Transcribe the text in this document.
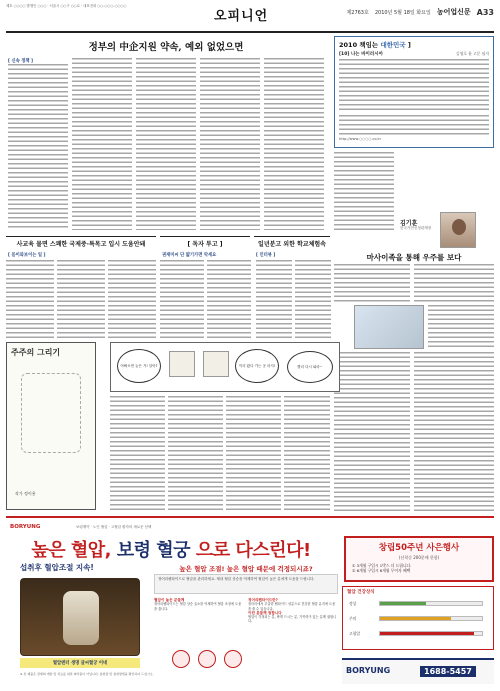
제호 ○○○○ 발행인 ○○○ · 서울시 ○○구 ○○로 · 대표전화 ○○-○○○-○○○○
오피니언	제2763호 2010년 5월 18일 화요일 농어업신문 A33
정부의 中企지원 약속, 예외 없었으면
[ 신속 정책 ]
2010 책임는 대한민국 ]
[10] 나는 바이러시아	김영호 윤 고문 필자
http://www.○○○○.co.kr
김기훈
한국가전신청관계장
마사이족을 통해 우주를 보다
사교육 물면 스쾌한 국제중·특목고 입시 도움안돼	[ 독자 투고 ]	일년분고 외한 학교체험속
[ 돋이와보이는 일 ]	권재미씨 단 얇기가면 악세요	[ 인터뷰 ]
주주의 그리기
작가 정이용
아빠오면 늦은 거! 알아?	이리 왔다 가는 곳 마지!	빨리 다시 와라~
BORYUNG	보령제약 · 노인 혈압 · 고혈압 환자의 새로운 선택
높은 혈압, 보령 혈궁 으로 다스린다!	창립50주년 사은행사
(선착순 200분에 한함)
① 3개월 구입시 1박스 더 드립니다.
② 6개월 구입시 6개월 무이자 혜택
섭취후 혈압조절 지속!
혈압덴터 생명 글씨혈궁 이네
높은 혈압 조절! 높은 혈압 때문에 걱정되시죠?
정어리펩타이드로 혈압을 관리하세요. 체내 혈압 상승을 억제하여 혈압이 높은 분에게 도움을 드립니다.
혈압이 높은 분들께
정어리펩타이드는 혈압 상승 효소를 억제하여 혈압 조절에 도움을 줍니다.
정어리펩타이드란?
정어리에서 추출한 펩타이드 성분으로 건강한 혈압 유지에 도움을 줄 수 있습니다.
이런 분들께 권합니다
혈압이 걱정되는 분, 짜게 드시는 분, 가족력이 있는 분께 권합니다.
혈압 건강상식
정상
주의
고혈압
BORYUNG	1688-5457
※ 본 제품은 질병의 예방 및 치료를 위한 의약품이 아닙니다. 섭취량 및 섭취방법을 확인하여 드십시오.
